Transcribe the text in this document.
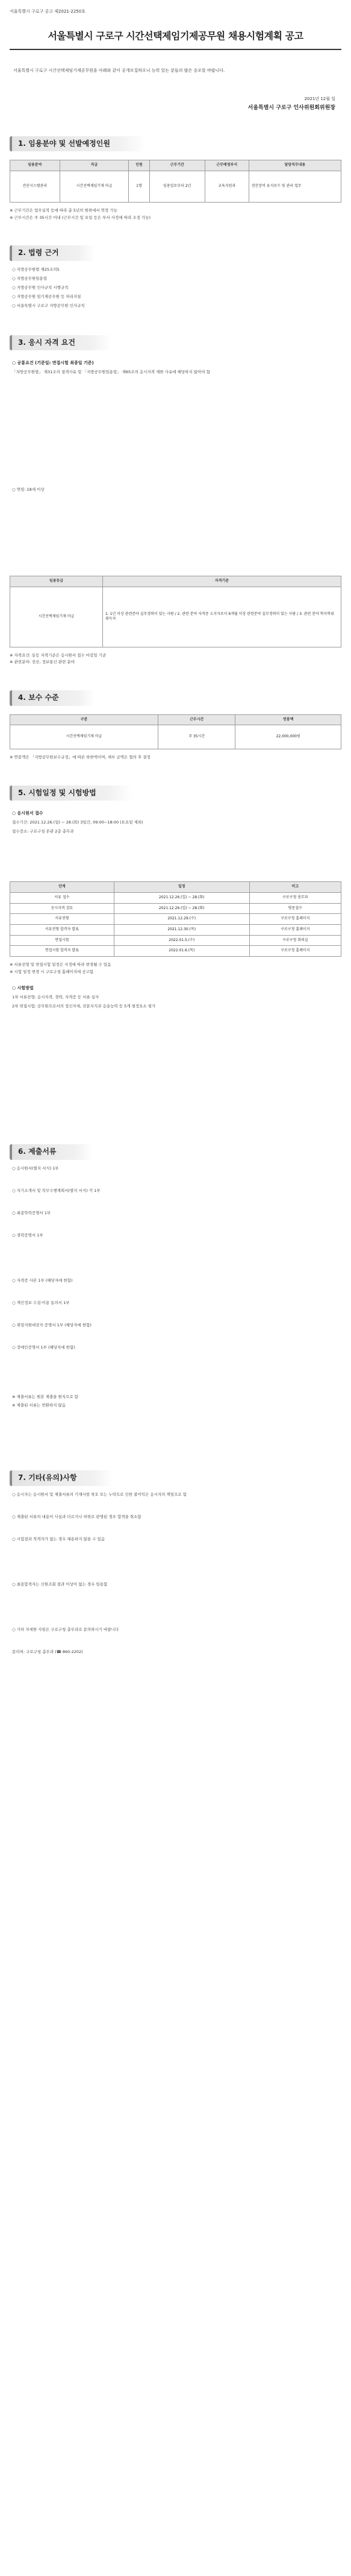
서울특별시 구로구 공고 제2021-2250호
서울특별시 구로구 시간선택제임기제공무원 채용시험계획 공고
서울특별시 구로구 시간선택제임기제공무원을 아래와 같이 공개모집하오니 능력 있는 분들의 많은 응모를 바랍니다.
2021년 12월 일
서울특별시 구로구 인사위원회위원장
1. 임용분야 및 선발예정인원
임용분야	직급	인원	근무기간	근무예정부서	담당직무내용
전산시스템관리	시간선택제임기제 마급	1명	임용일로부터 2년	교육지원과	전산장비 유지보수 및 관리 업무

※ 근무기간은 업무실적 등에 따라 총 5년의 범위에서 연장 가능

※ 근무시간은 주 35시간 이내 (근무시간 및 요일 등은 부서 사정에 따라 조정 가능)

2. 법령 근거

○ 지방공무원법 제25조의5

○ 지방공무원임용령

○ 지방공무원 인사규칙 시행규칙

○ 지방공무원 임기제공무원 등 처리지침

○ 서울특별시 구로구 지방공무원 인사규칙

3. 응시 자격 요건

○ 공통요건 (기준일: 면접시험 최종일 기준)

「지방공무원법」 제31조의 결격사유 및 「지방공무원임용령」 제65조의 응시자격 제한 사유에 해당하지 않아야 함

○ 연령: 18세 이상

임용등급	자격기준
시간선택제임기제 마급	1. 1년 이상 관련분야 실무경력이 있는 사람 / 2. 관련 분야 자격증 소지자로서 6개월 이상 관련분야 실무경력이 있는 사람 / 3. 관련 분야 학사학위 취득자

※ 자격요건: 동등 자격기준은 응시원서 접수 마감일 기준

※ 관련분야: 전산, 정보통신 관련 분야

4. 보수 수준
구분	근무시간	연봉액
시간선택제임기제 마급	주 35시간	22,000,000원

※ 연봉액은 「지방공무원보수규정」에 따른 하한액이며, 세부 금액은 협의 후 결정

5. 시험일정 및 시험방법

○ 응시원서 접수

접수기간: 2021.12.26.(일) ~ 28.(화) 3일간, 09:00~18:00 (토요일 제외)

접수장소: 구로구청 본관 2층 총무과

단계	일정	비고
서류 접수	2021.12.26.(일) ~ 28.(화)	구로구청 총무과
응시자격 검토	2021.12.26.(일) ~ 28.(화)	방문접수
서류전형	2021.12.29.(수)	구로구청 홈페이지
서류전형 합격자 발표	2021.12.30.(목)	구로구청 홈페이지
면접시험	2022.01.5.(수)	구로구청 회의실
면접시험 합격자 발표	2022.01.6.(목)	구로구청 홈페이지

※ 서류전형 및 면접시험 일정은 사정에 따라 변경될 수 있음

※ 시험 일정 변경 시 구로구청 홈페이지에 공고함

○ 시험방법

1차 서류전형: 응시자격, 경력, 자격증 등 서류 심사

2차 면접시험: 공무원으로서의 정신자세, 전문지식과 응용능력 등 5개 평정요소 평가

6. 제출서류

○ 응시원서(별지 서식) 1부

○ 자기소개서 및 직무수행계획서(별지 서식) 각 1부

○ 최종학력증명서 1부

○ 경력증명서 1부

○ 자격증 사본 1부 (해당자에 한함)

○ 개인정보 수집·이용 동의서 1부

○ 취업지원대상자 증명서 1부 (해당자에 한함)

○ 장애인증명서 1부 (해당자에 한함)

※ 제출서류는 원본 제출을 원칙으로 함

※ 제출된 서류는 반환하지 않음

7. 기타(유의)사항

○ 응시자는 응시원서 및 제출서류의 기재사항 착오 또는 누락으로 인한 불이익은 응시자의 책임으로 함

○ 제출된 서류의 내용이 사실과 다르거나 허위로 판명된 경우 합격을 취소함

○ 시험결과 적격자가 없는 경우 채용하지 않을 수 있음

○ 최종합격자는 신원조회 결과 이상이 없는 경우 임용함

○ 기타 자세한 사항은 구로구청 총무과로 문의하시기 바랍니다

문의처: 구로구청 총무과 (☎ 860-2202)
